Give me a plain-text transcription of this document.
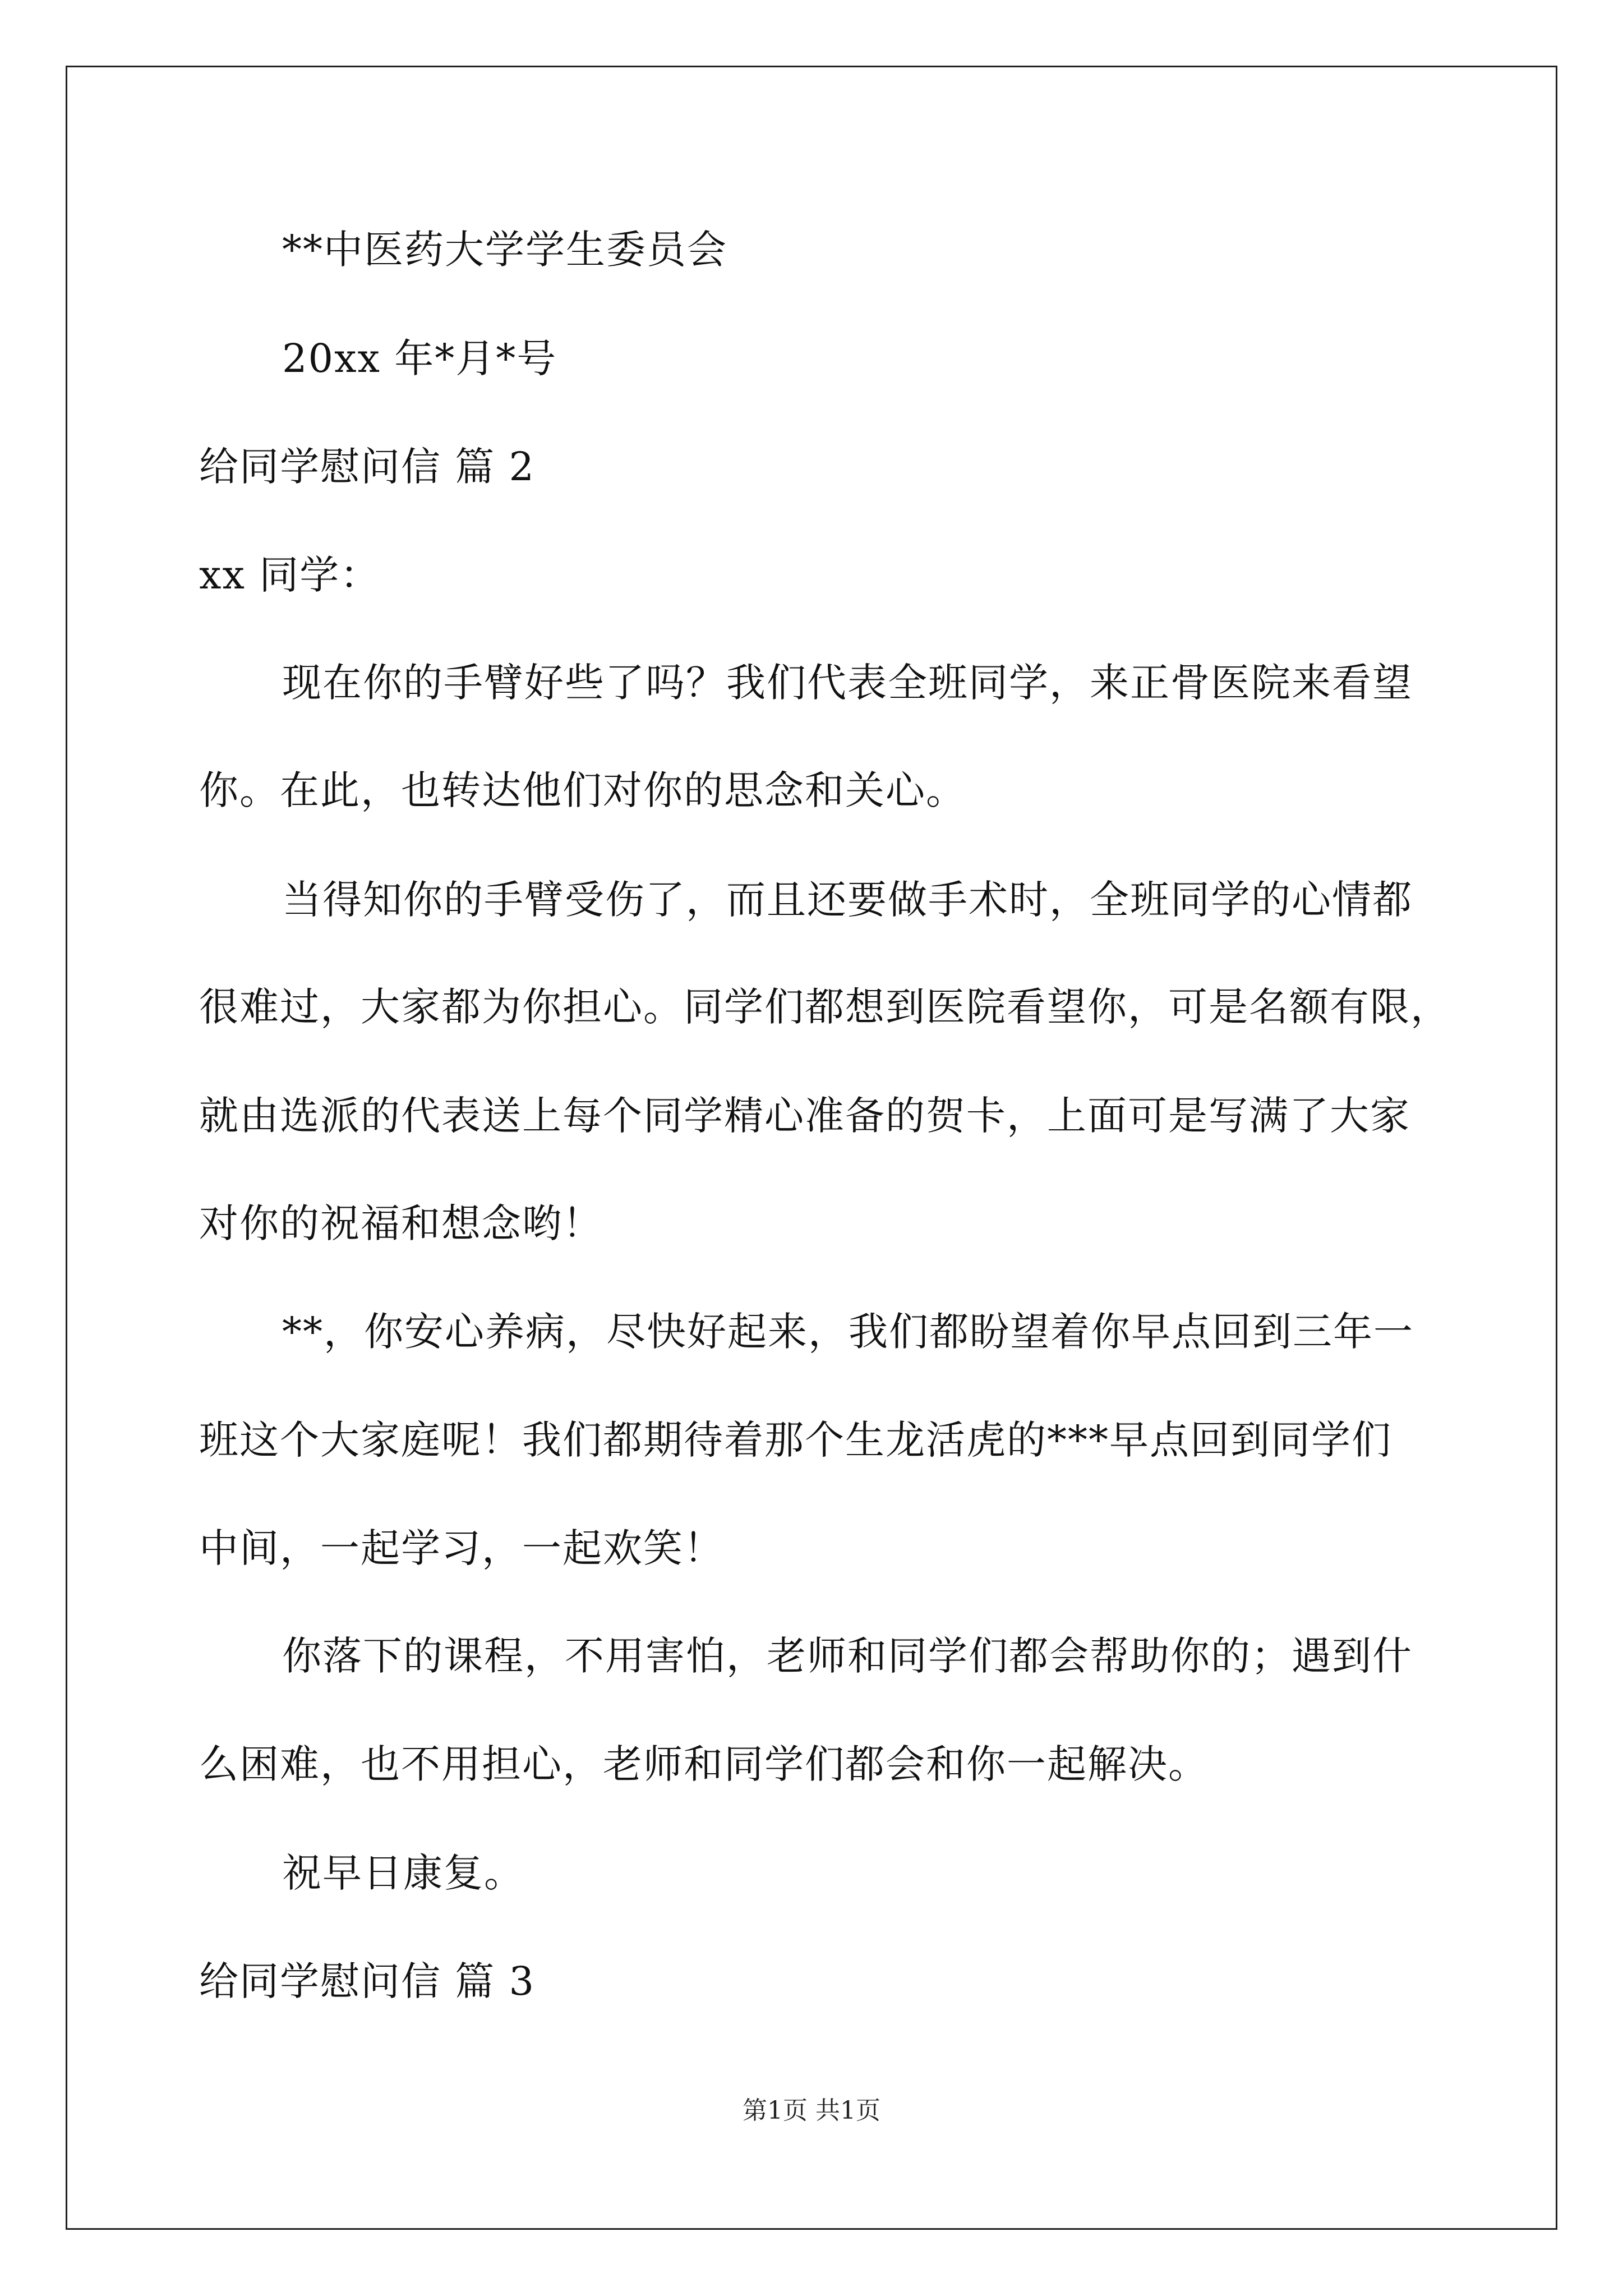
**中医药大学学生委员会
20xx 年*月*号
给同学慰问信 篇 2
xx 同学：
现在你的手臂好些了吗？我们代表全班同学，来正骨医院来看望
你。在此，也转达他们对你的思念和关心。
当得知你的手臂受伤了，而且还要做手术时，全班同学的心情都
很难过，大家都为你担心。同学们都想到医院看望你，可是名额有限，
就由选派的代表送上每个同学精心准备的贺卡，上面可是写满了大家
对你的祝福和想念哟！
**，你安心养病，尽快好起来，我们都盼望着你早点回到三年一
班这个大家庭呢！我们都期待着那个生龙活虎的***早点回到同学们
中间，一起学习，一起欢笑！
你落下的课程，不用害怕，老师和同学们都会帮助你的；遇到什
么困难，也不用担心，老师和同学们都会和你一起解决。
祝早日康复。
给同学慰问信 篇 3
第1页 共1页
